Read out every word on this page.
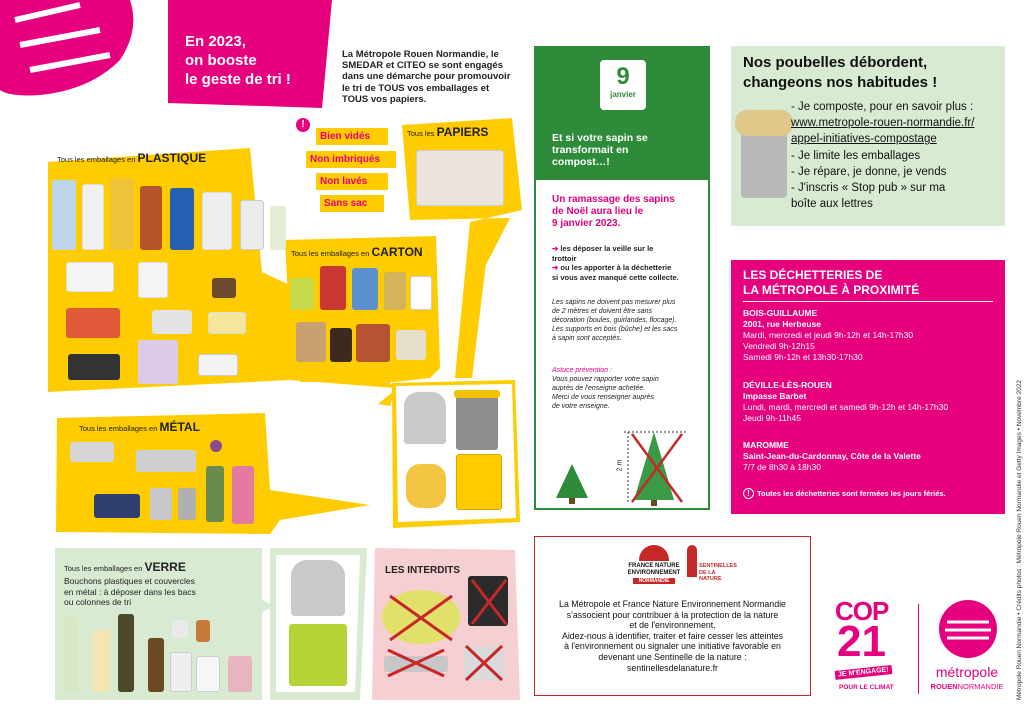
En 2023,
on booste
le geste de tri !
La Métropole Rouen Normandie, le
SMEDAR et CITEO se sont engagés
dans une démarche pour promouvoir
le tri de TOUS vos emballages et
TOUS vos papiers.
!
Bien vidés
Non imbriqués
Non lavés
Sans sac
Tous les emballages en PLASTIQUE
Tous les PAPIERS
Tous les emballages en CARTON
Tous les emballages en MÉTAL
Tous les emballages en VERRE
Bouchons plastiques et couvercles
en métal : à déposer dans les bacs
ou colonnes de tri
LES INTERDITS
9
janvier
Et si votre sapin se
transformait en
compost…!
Un ramassage des sapins
de Noël aura lieu le
9 janvier 2023.
➔ les déposer la veille sur le
trottoir
➔ ou les apporter à la déchetterie
si vous avez manqué cette collecte.
Les sapins ne doivent pas mesurer plus
de 2 mètres et doivent être sans
décoration (boules, guirlandes, flocage).
Les supports en bois (bûche) et les sacs
à sapin sont acceptés.
Astuce prévention :
Vous pouvez rapporter votre sapin
auprès de l'enseigne achetée.
Merci de vous renseigner auprès
de votre enseigne.
2 m
Nos poubelles débordent,
changeons nos habitudes !
- Je composte, pour en savoir plus :
www.metropole-rouen-normandie.fr/
appel-initiatives-compostage
- Je limite les emballages
- Je répare, je donne, je vends
- J'inscris « Stop pub » sur ma
boîte aux lettres
LES DÉCHETTERIES DE
LA MÉTROPOLE À PROXIMITÉ
BOIS-GUILLAUME
2001, rue Herbeuse
Mardi, mercredi et jeudi 9h-12h et 14h-17h30
Vendredi 9h-12h15
Samedi 9h-12h et 13h30-17h30
DÉVILLE-LÈS-ROUEN
Impasse Barbet
Lundi, mardi, mercredi et samedi 9h-12h et 14h-17h30
Jeudi 9h-11h45
MAROMME
Saint-Jean-du-Cardonnay, Côte de la Valette
7/7 de 8h30 à 18h30
! Toutes les déchetteries sont fermées les jours fériés.
FRANCE NATURE
ENVIRONNEMENT
NORMANDIE
SENTINELLES
DE LA NATURE
La Métropole et France Nature Environnement Normandie
s'associent pour contribuer à la protection de la nature
et de l'environnement.
Aidez-nous à identifier, traiter et faire cesser les atteintes
à l'environnement ou signaler une initiative favorable en
devenant une Sentinelle de la nature :
sentinellesdelanature.fr
COP
21
JE M'ENGAGE!
POUR LE CLIMAT
métropole
ROUENNORMANDIE	Métropole Rouen Normandie • Crédits photos : Métropole Rouen Normandie et Getty Images • Novembre 2022
